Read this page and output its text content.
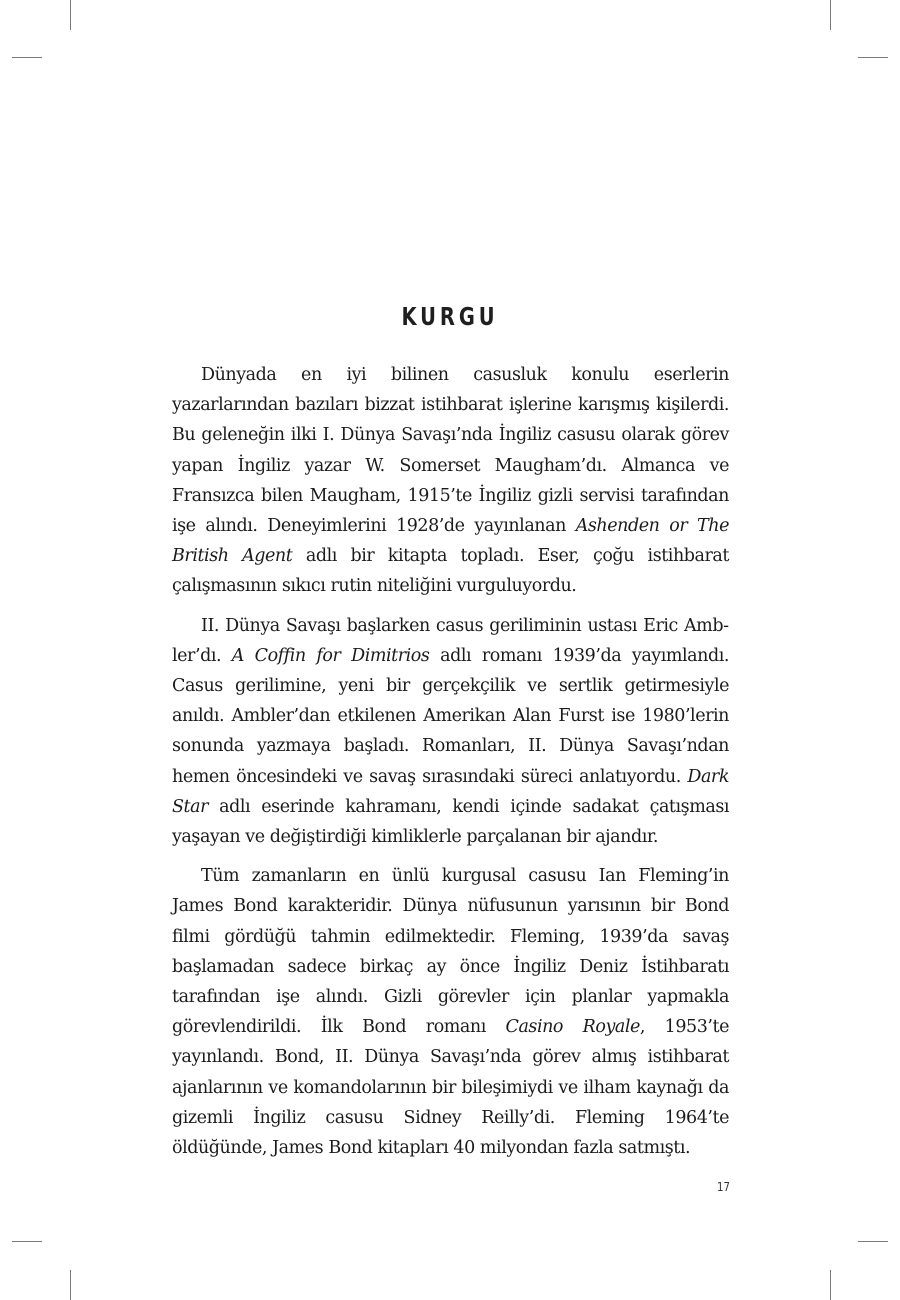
KURGU

Dünyada en iyi bilinen casusluk konulu eserlerin yazarlarından bazıları bizzat istihbarat işlerine karışmış kişilerdi. Bu geleneğin ilki I. Dünya Savaşı’nda İngiliz casusu olarak görev yapan İngiliz yazar W. Somerset Maugham’dı. Almanca ve Fransızca bilen Maugham, 1915’te İngiliz gizli servisi tarafından işe alındı. Deneyimlerini 1928’de yayınlanan Ashenden or The British Agent adlı bir kitapta topladı. Eser, çoğu istihbarat çalışmasının sıkıcı rutin niteliğini vurguluyordu.

II. Dünya Savaşı başlarken casus geriliminin ustası Eric Ambler’dı. A Coffin for Dimitrios adlı romanı 1939’da yayımlandı. Casus gerilimine, yeni bir gerçekçilik ve sertlik getirmesiyle anıldı. Ambler’dan etkilenen Amerikan Alan Furst ise 1980’lerin sonunda yazmaya başladı. Romanları, II. Dünya Savaşı’ndan hemen öncesindeki ve savaş sırasındaki süreci anlatıyordu. Dark Star adlı eserinde kahramanı, kendi içinde sadakat çatışması yaşayan ve değiştirdiği kimliklerle parçalanan bir ajandır.

Tüm zamanların en ünlü kurgusal casusu Ian Fleming’in James Bond karakteridir. Dünya nüfusunun yarısının bir Bond filmi gördüğü tahmin edilmektedir. Fleming, 1939’da savaş başlamadan sadece birkaç ay önce İngiliz Deniz İstihbaratı tarafından işe alındı. Gizli görevler için planlar yapmakla görevlendirildi. İlk Bond romanı Casino Royale, 1953’te yayınlandı. Bond, II. Dünya Savaşı’nda görev almış istihbarat ajanlarının ve komandolarının bir bileşimiydi ve ilham kaynağı da gizemli İngiliz casusu Sidney Reilly’di. Fleming 1964’te öldüğünde, James Bond kitapları 40 milyondan fazla satmıştı.

17
